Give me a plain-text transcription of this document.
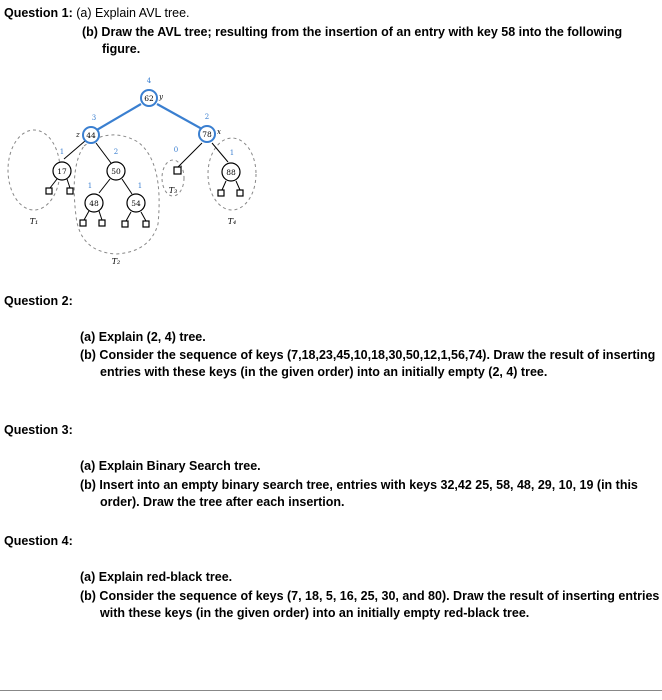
Question 1: (a) Explain AVL tree.
(b) Draw the AVL tree; resulting from the insertion of an entry with key 58 into the following
figure.
62
44	78
17	50	88
48	54
4
3	2
1	2	1
1	1
0
y
z	x
T₁
T₂
T₃
T₄
Question 2:
(a) Explain (2, 4) tree.
(b) Consider the sequence of keys (7,18,23,45,10,18,30,50,12,1,56,74). Draw the result of inserting entries with these keys (in the given order) into an initially empty (2, 4) tree.
Question 3:
(a) Explain Binary Search tree.
(b) Insert into an empty binary search tree, entries with keys 32,42 25, 58, 48, 29, 10, 19 (in this order). Draw the tree after each insertion.
Question 4:
(a) Explain red-black tree.
(b) Consider the sequence of keys (7, 18, 5, 16, 25, 30, and 80). Draw the result of inserting entries with these keys (in the given order) into an initially empty red-black tree.
